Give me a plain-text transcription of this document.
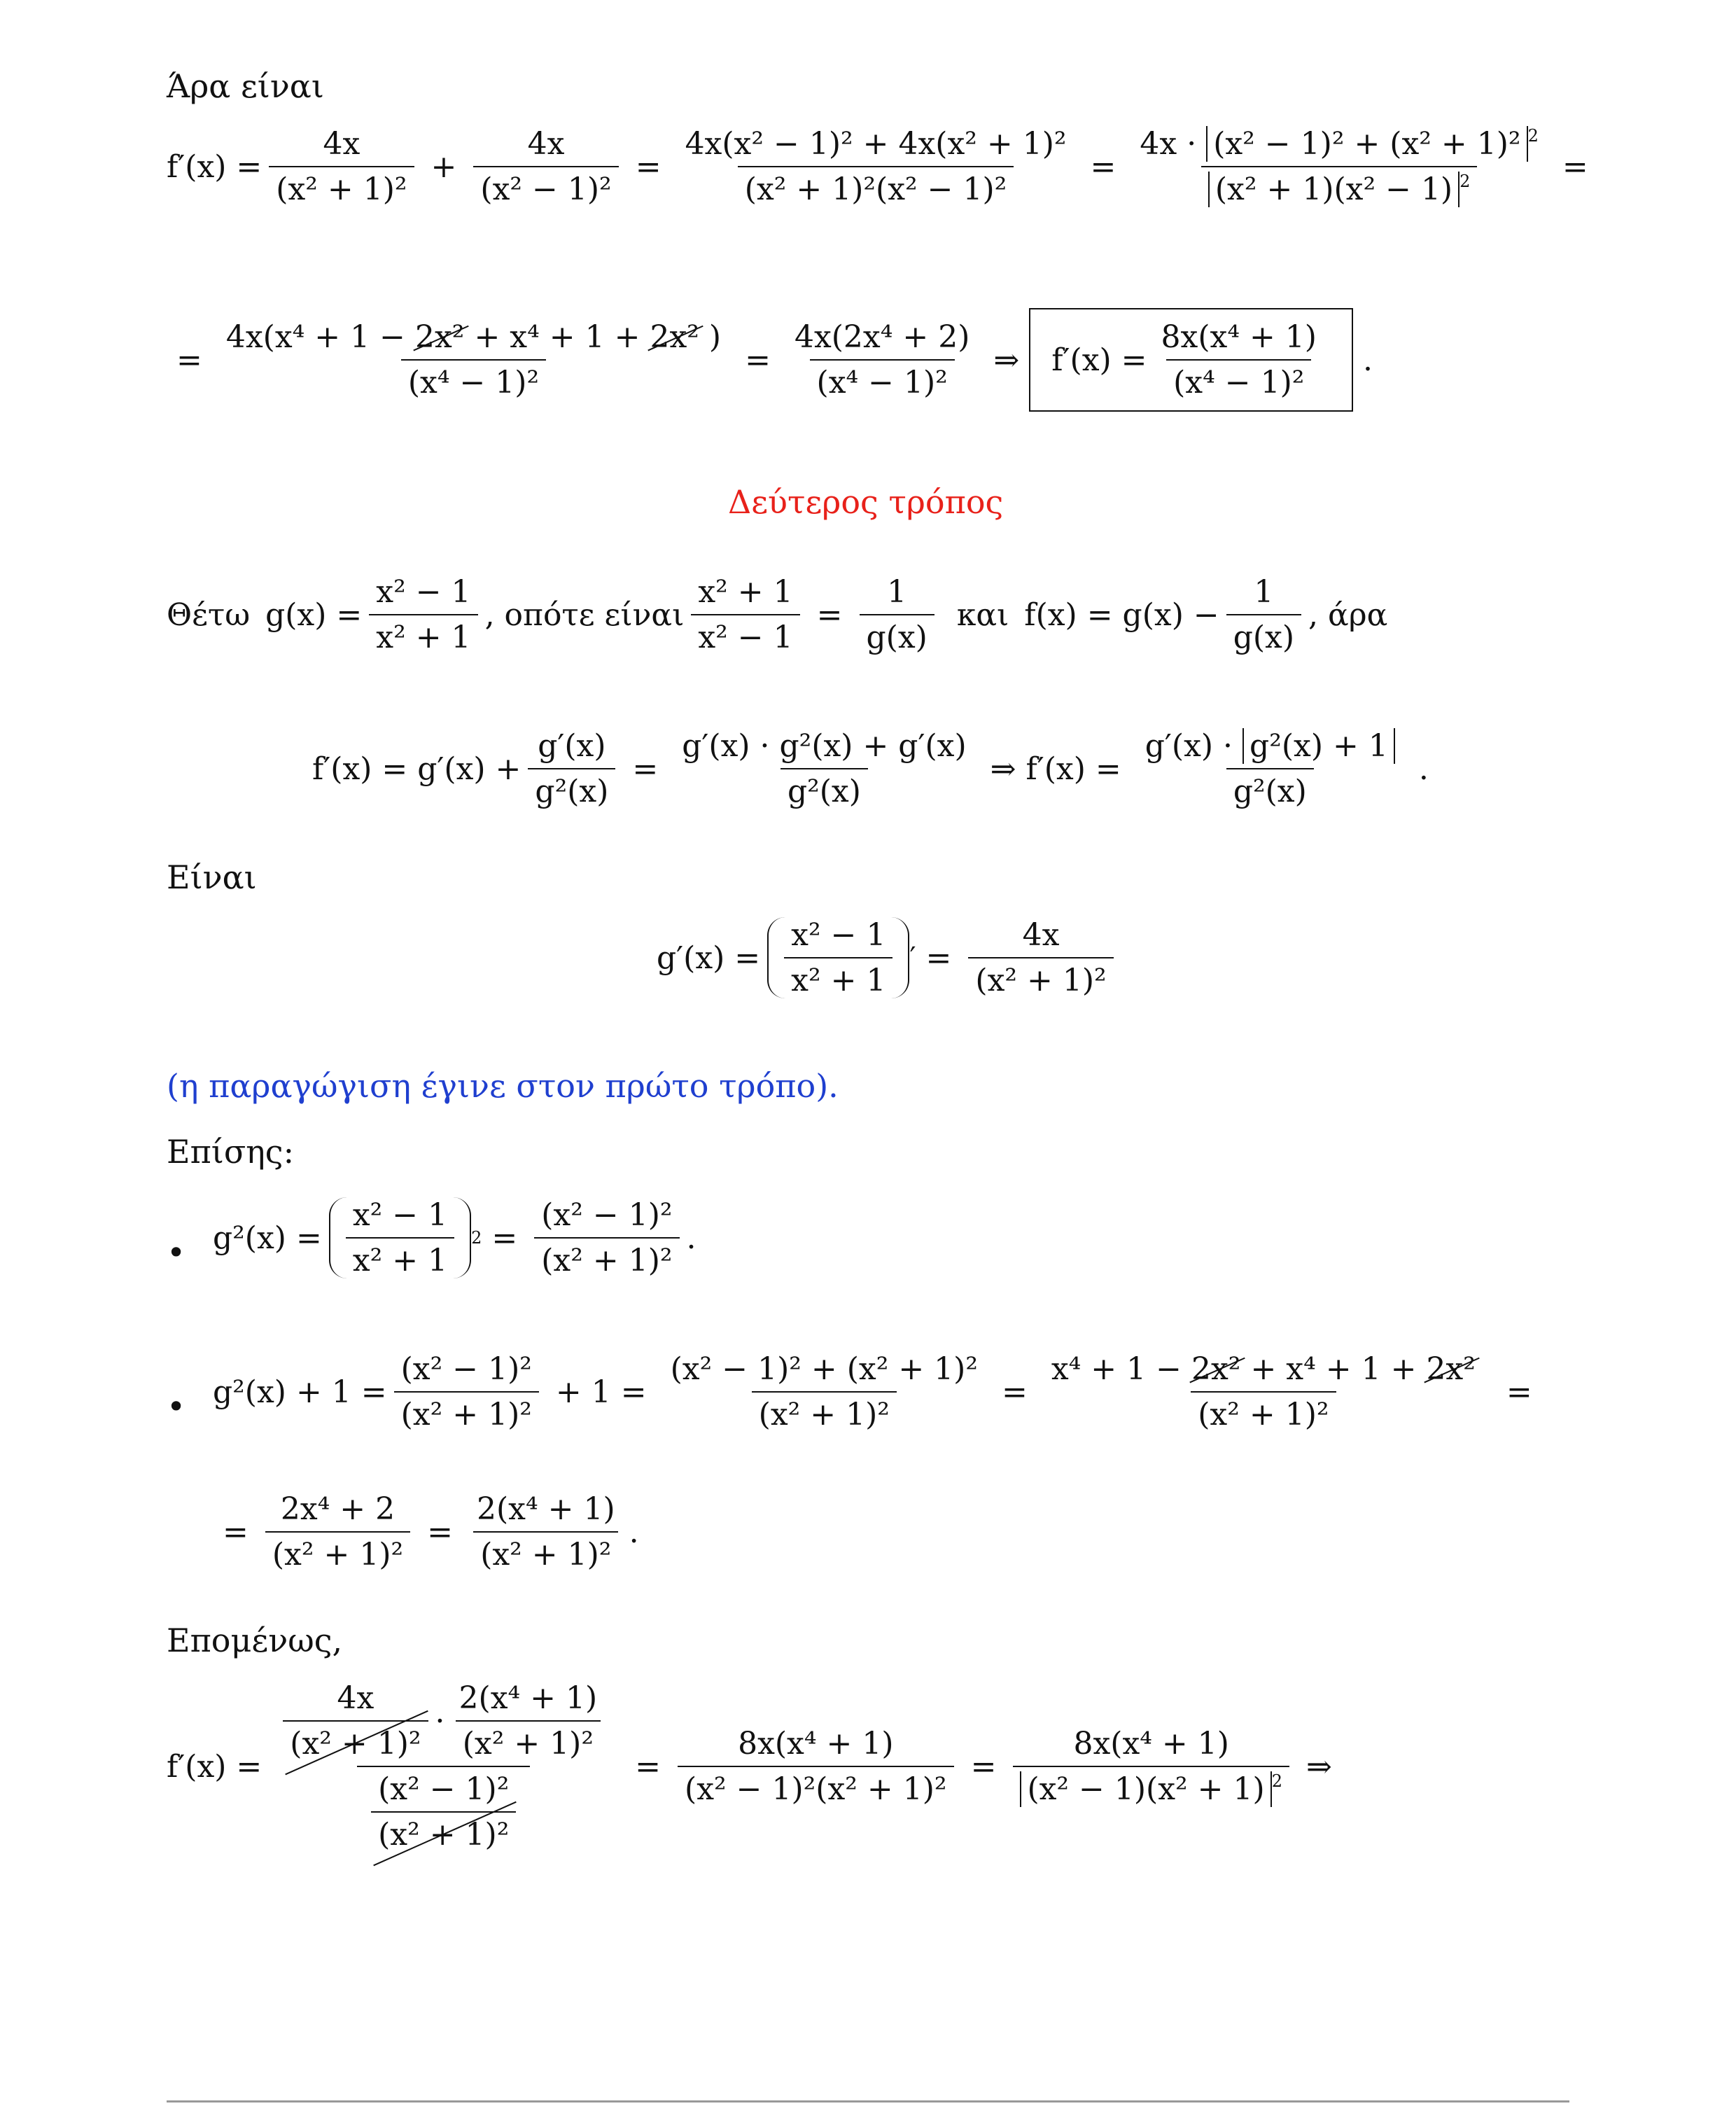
Άρα είναι
$f'(x) = \frac{4x}{\text{(x² + 1)²}} + \frac{4x}{\text{(x² − 1)²}} = \frac{\text{4x(x² − 1)² + 4x(x² + 1)²}}{\text{(x² + 1)²(x² − 1)²}} = \frac{4x \cdot (x^2 - 1)^2 + (x^2 + 1)^2 ^2}{(x^2 + 1)(x^2 - 1) ^2}$ =
=
4x(x⁴ + 1 − 2x² + x⁴ + 1 + 2x² )
(x⁴ − 1)²
= $\frac{\text{4x(2x⁴ + 2)}}{\text{(x⁴ − 1)²}}$ ⇒ $f'(x) = \frac{\text{8x(x⁴ + 1)}}{\text{(x⁴ − 1)²}}$ .
Δεύτερος τρόπος
Θέτω $g(x) = \frac{\text{x² − 1}}{\text{x² + 1}}$ , οπότε είναι $\frac{\text{x² + 1}}{\text{x² − 1}} = \frac{1}{g(x)}$ και $f(x) = g(x) - \frac{1}{g(x)}$ , άρα
$f'(x) = g'(x) + \frac{g'(x)}{\text{g²(x)}} = \frac{\text{g′(x) · g²(x) + g′(x)}}{\text{g²(x)}}$ ⇒ $f'(x) = \frac{\text{g′(x) · g²(x) + 1}}{\text{g²(x)}}$ .
Είναι
$g'(x) = \frac{\text{x² − 1}}{\text{x² + 1}}$ ′ = $\frac{4x}{\text{(x² + 1)²}}$
(η παραγώγιση έγινε στον πρώτο τρόπο).
Επίσης:
• $g^2(x) = \frac{\text{x² − 1}}{\text{x² + 1}} 2 = \frac{\text{(x² − 1)²}}{\text{(x² + 1)²}}$ .
• $g^2(x) + 1 = \frac{\text{(x² − 1)²}}{\text{(x² + 1)²}} + 1 = \frac{\text{(x² − 1)² + (x² + 1)²}}{\text{(x² + 1)²}} = \frac{\text{x⁴ + 1 − 2x² + x⁴ + 1 + 2x²}}{\text{(x² + 1)²}}$ =
= $\frac{\text{2x⁴ + 2}}{\text{(x² + 1)²}} = \frac{\text{2(x⁴ + 1)}}{\text{(x² + 1)²}}$ .
Επομένως,
f′(x) =
$\frac{4x}{\text{(x² + 1)²}} \cdot \frac{\text{2(x⁴ + 1)}}{\text{(x² + 1)²}}$
$\frac{\text{(x² − 1)²}}{\text{(x² + 1)²}}$
= $\frac{\text{8x(x⁴ + 1)}}{\text{(x² − 1)²(x² + 1)²}} = \frac{\text{8x(x⁴ + 1)}}{(x^2 - 1)(x^2 + 1) ^2}$ ⇒
